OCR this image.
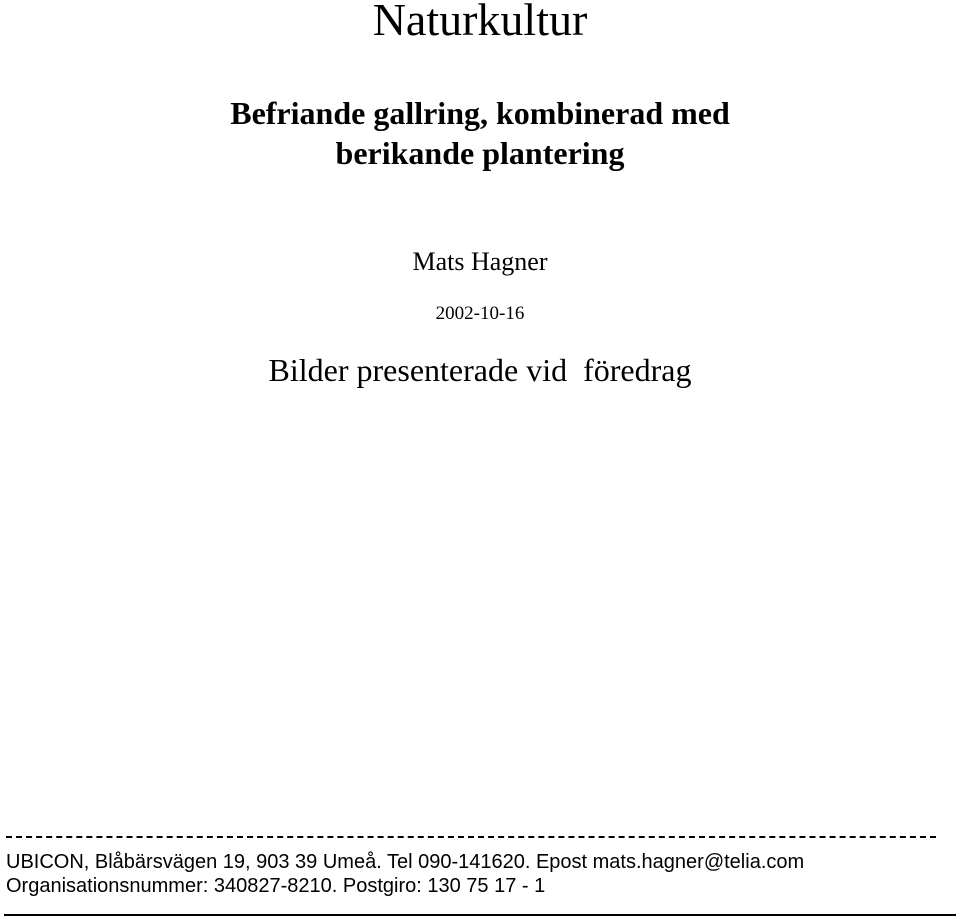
Naturkultur
Befriande gallring, kombinerad med
berikande plantering
Mats Hagner
2002-10-16
Bilder presenterade vid  föredrag
UBICON, Blåbärsvägen 19, 903 39 Umeå. Tel 090-141620. Epost mats.hagner@telia.com
Organisationsnummer: 340827-8210. Postgiro: 130 75 17 - 1
